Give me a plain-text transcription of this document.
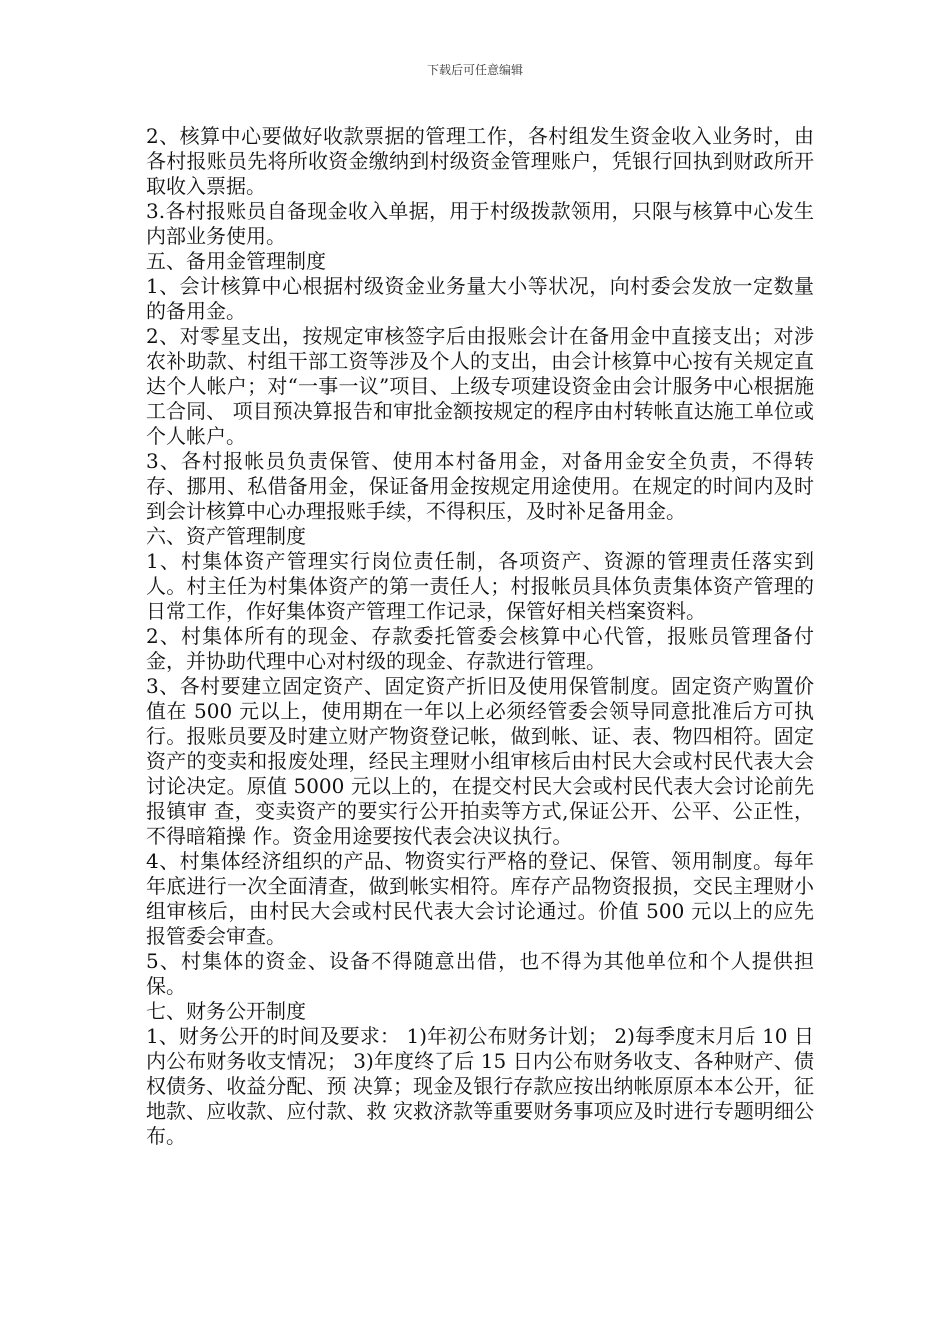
下载后可任意编辑

2、核算中心要做好收款票据的管理工作，各村组发生资金收入业务时，由各村报账员先将所收资金缴纳到村级资金管理账户，凭银行回执到财政所开取收入票据。

3.各村报账员自备现金收入单据，用于村级拨款领用，只限与核算中心发生内部业务使用。

五、备用金管理制度

1、会计核算中心根据村级资金业务量大小等状况，向村委会发放一定数量的备用金。

2、对零星支出，按规定审核签字后由报账会计在备用金中直接支出；对涉农补助款、村组干部工资等涉及个人的支出，由会计核算中心按有关规定直达个人帐户；对“一事一议”项目、上级专项建设资金由会计服务中心根据施工合同、 项目预决算报告和审批金额按规定的程序由村转帐直达施工单位或个人帐户。

3、各村报帐员负责保管、使用本村备用金，对备用金安全负责，不得转存、挪用、私借备用金，保证备用金按规定用途使用。在规定的时间内及时到会计核算中心办理报账手续，不得积压，及时补足备用金。

六、资产管理制度

1、村集体资产管理实行岗位责任制，各项资产、资源的管理责任落实到人。村主任为村集体资产的第一责任人；村报帐员具体负责集体资产管理的日常工作，作好集体资产管理工作记录，保管好相关档案资料。

2、村集体所有的现金、存款委托管委会核算中心代管，报账员管理备付金，并协助代理中心对村级的现金、存款进行管理。

3、各村要建立固定资产、固定资产折旧及使用保管制度。固定资产购置价值在 500 元以上，使用期在一年以上必须经管委会领导同意批准后方可执行。报账员要及时建立财产物资登记帐，做到帐、证、表、物四相符。固定资产的变卖和报废处理，经民主理财小组审核后由村民大会或村民代表大会讨论决定。原值 5000 元以上的，在提交村民大会或村民代表大会讨论前先报镇审 查，变卖资产的要实行公开拍卖等方式,保证公开、公平、公正性，不得暗箱操 作。资金用途要按代表会决议执行。

4、村集体经济组织的产品、物资实行严格的登记、保管、领用制度。每年 年底进行一次全面清查，做到帐实相符。库存产品物资报损，交民主理财小组审核后，由村民大会或村民代表大会讨论通过。价值 500 元以上的应先报管委会审查。

5、村集体的资金、设备不得随意出借，也不得为其他单位和个人提供担保。

七、财务公开制度

1、财务公开的时间及要求： 1)年初公布财务计划； 2)每季度末月后 10 日内公布财务收支情况； 3)年度终了后 15 日内公布财务收支、各种财产、债权债务、收益分配、预 决算；现金及银行存款应按出纳帐原原本本公开，征地款、应收款、应付款、救 灾救济款等重要财务事项应及时进行专题明细公布。
